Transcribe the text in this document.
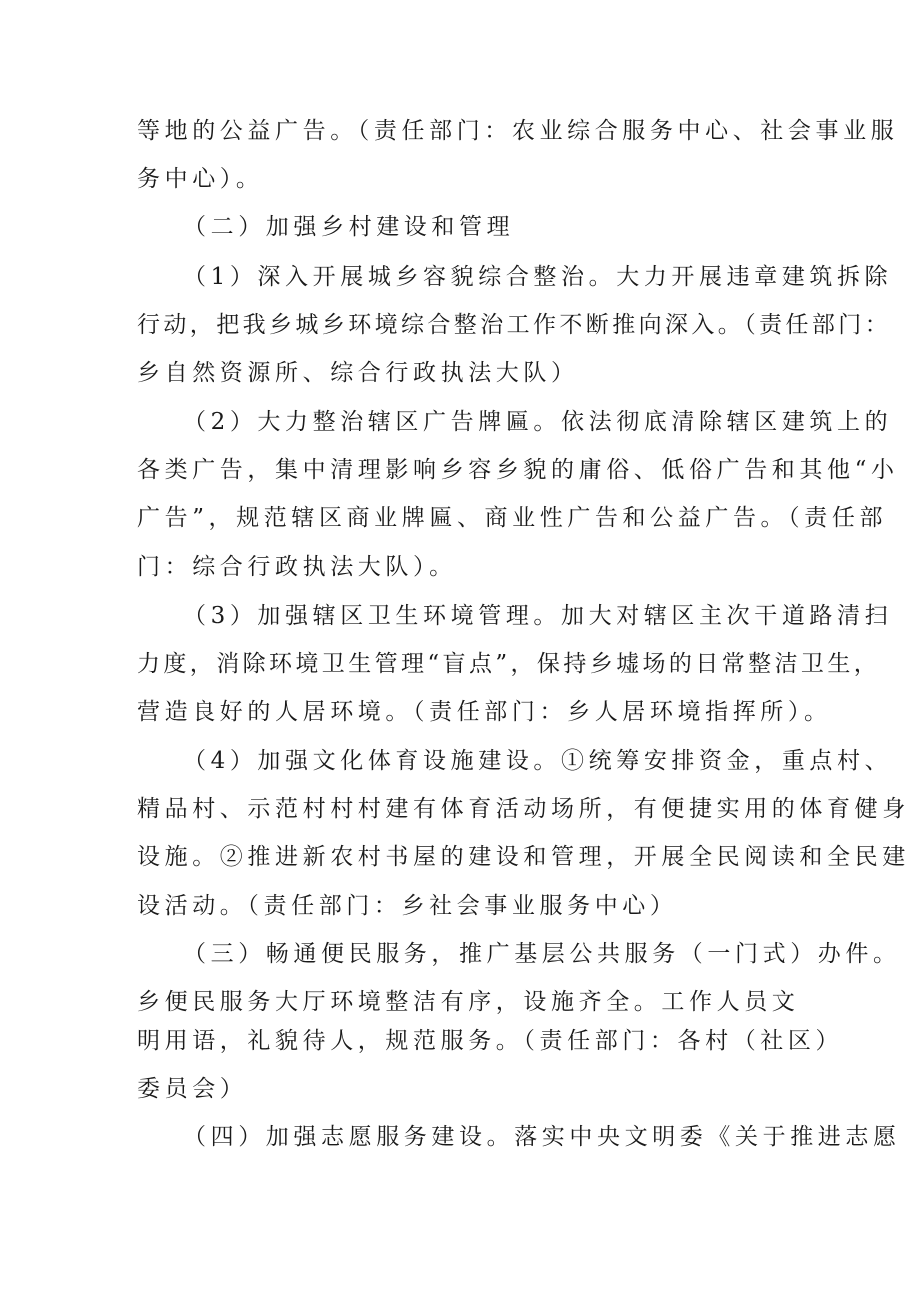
等地的公益广告。（责任部门：农业综合服务中心、社会事业服
务中心）。
（二）加强乡村建设和管理
（1）深入开展城乡容貌综合整治。大力开展违章建筑拆除
行动，把我乡城乡环境综合整治工作不断推向深入。（责任部门：
乡自然资源所、综合行政执法大队）
（2）大力整治辖区广告牌匾。依法彻底清除辖区建筑上的
各类广告，集中清理影响乡容乡貌的庸俗、低俗广告和其他“小
广告”，规范辖区商业牌匾、商业性广告和公益广告。（责任部
门：综合行政执法大队）。
（3）加强辖区卫生环境管理。加大对辖区主次干道路清扫
力度，消除环境卫生管理“盲点”，保持乡墟场的日常整洁卫生，
营造良好的人居环境。（责任部门：乡人居环境指挥所）。
（4）加强文化体育设施建设。①统筹安排资金，重点村、
精品村、示范村村村建有体育活动场所，有便捷实用的体育健身
设施。②推进新农村书屋的建设和管理，开展全民阅读和全民建
设活动。（责任部门：乡社会事业服务中心）
（三）畅通便民服务，推广基层公共服务（一门式）办件。
乡便民服务大厅环境整洁有序，设施齐全。工作人员文
明用语，礼貌待人，规范服务。（责任部门：各村（社区）
委员会）
（四）加强志愿服务建设。落实中央文明委《关于推进志愿
